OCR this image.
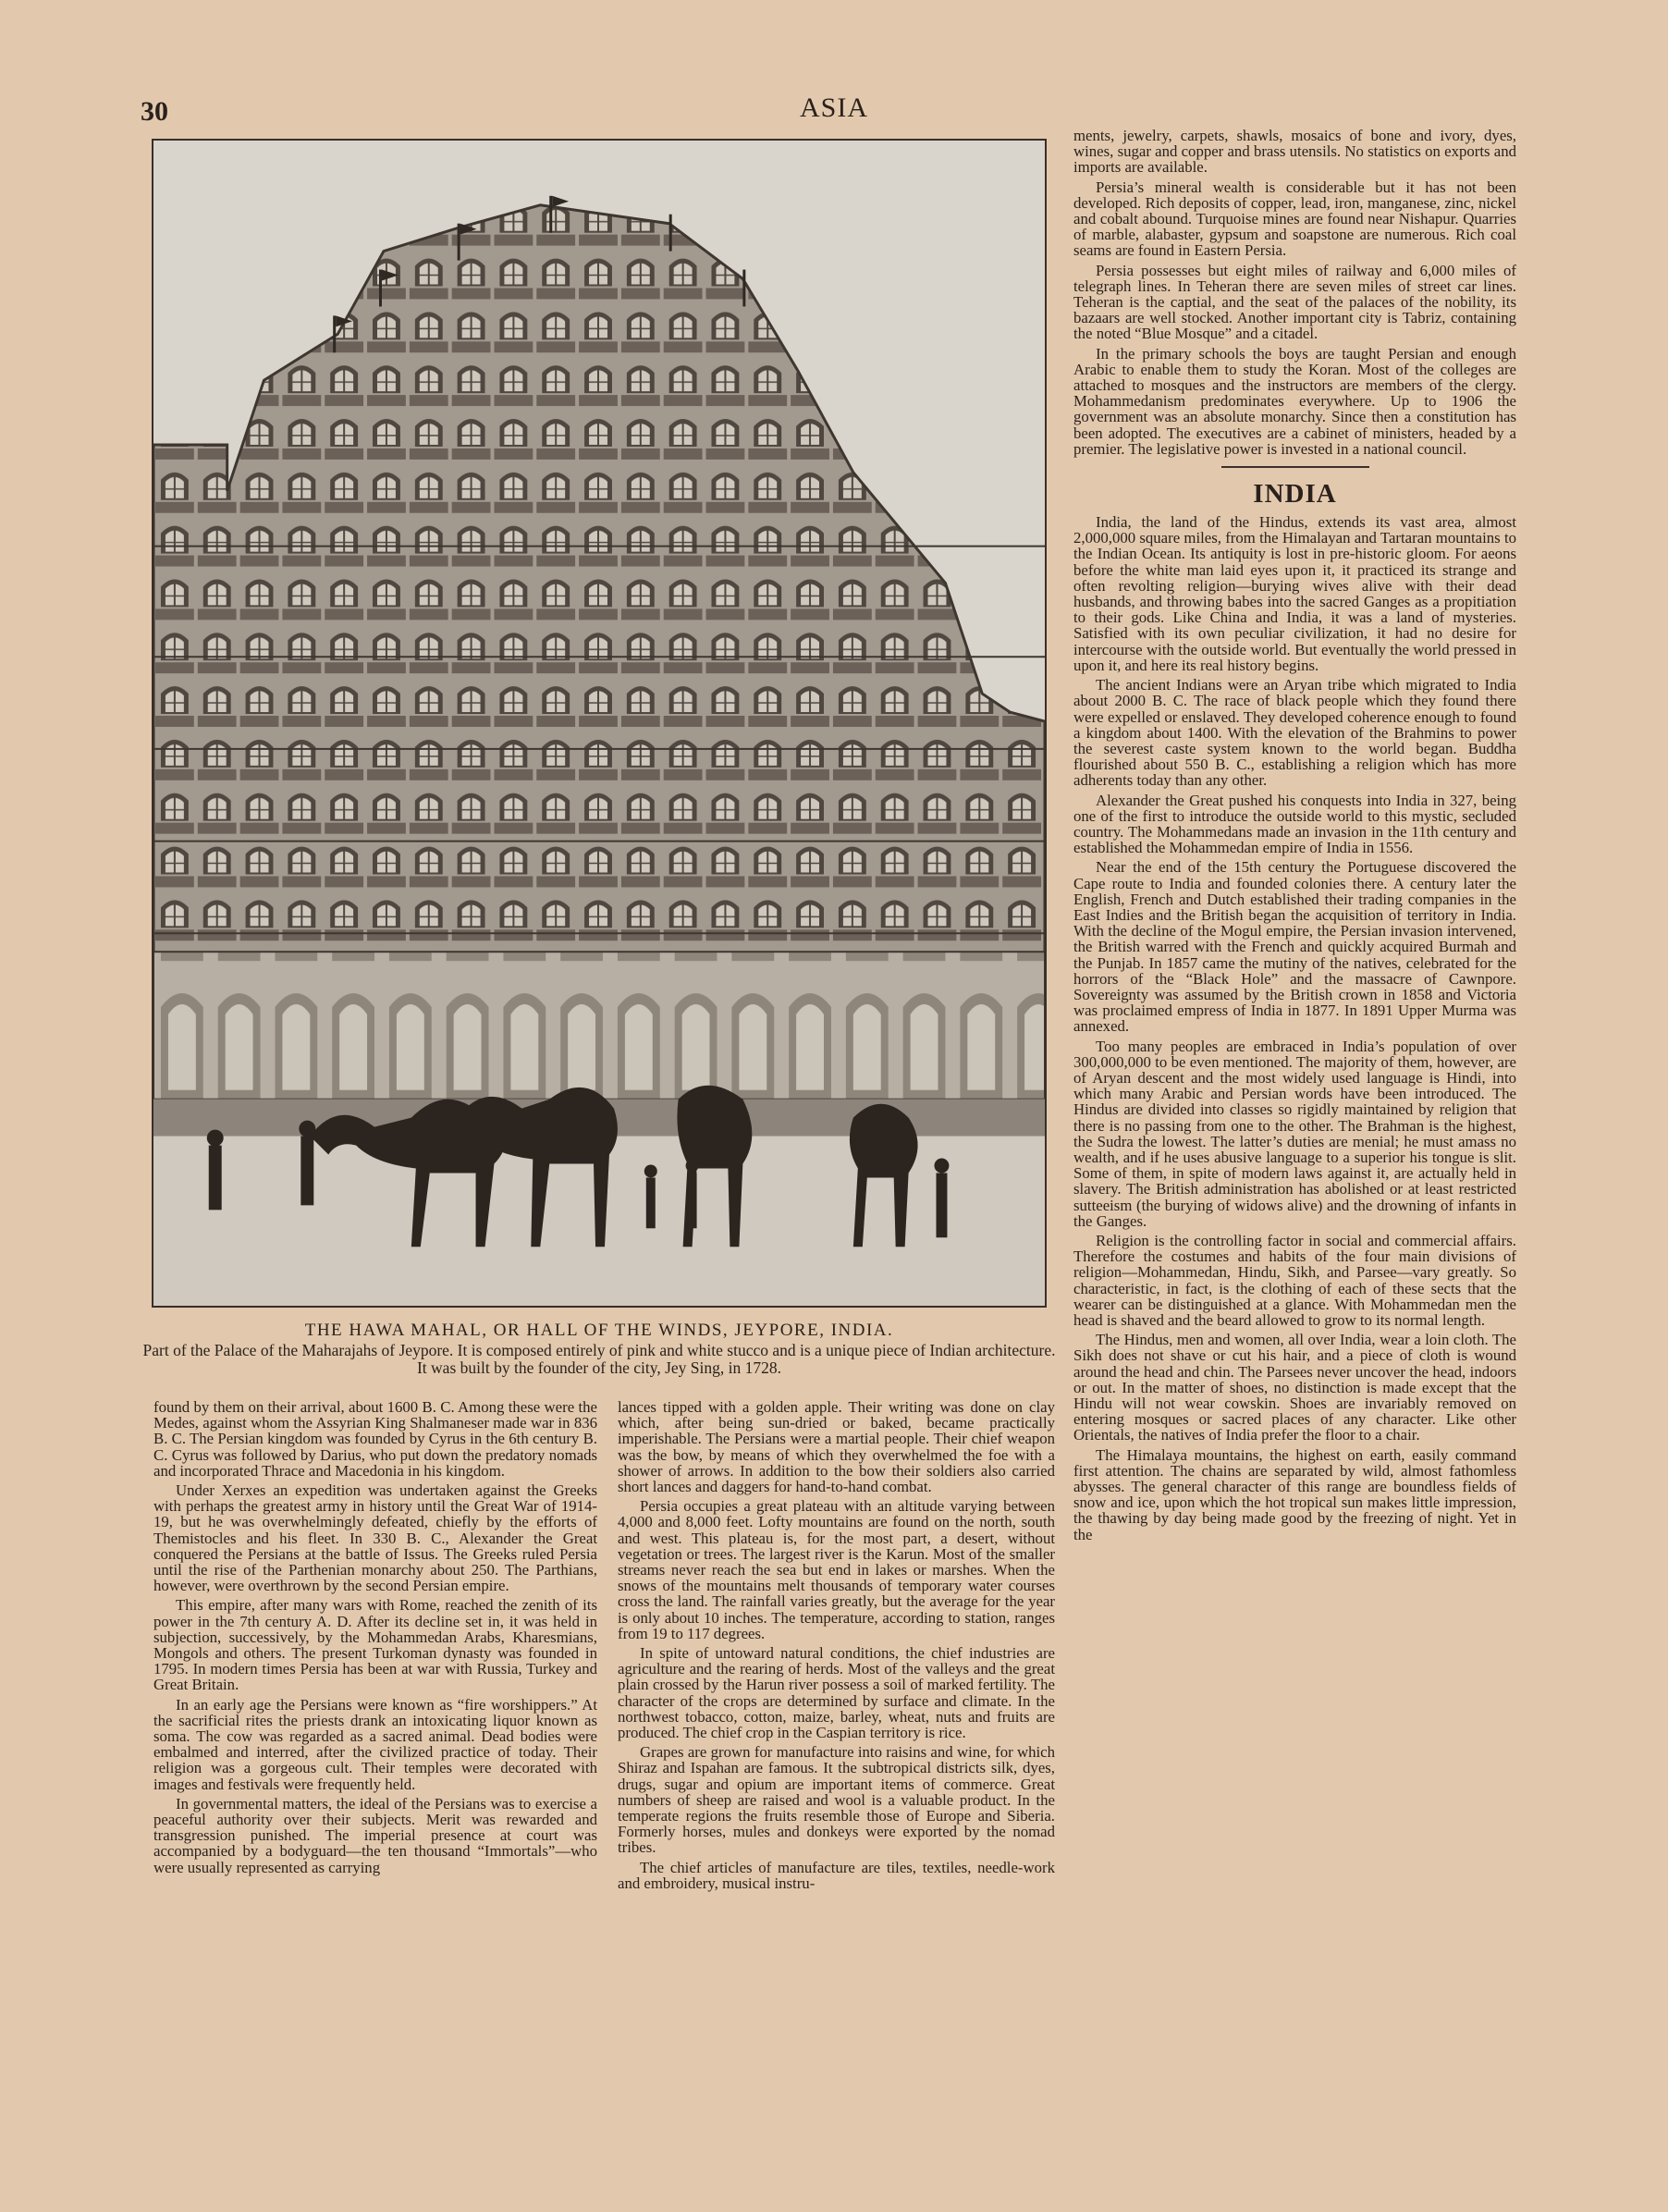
30	ASIA
THE HAWA MAHAL, OR HALL OF THE WINDS, JEYPORE, INDIA.
Part of the Palace of the Maharajahs of Jeypore. It is composed entirely of pink and white stucco and is a unique piece of Indian architecture. It was built by the founder of the city, Jey Sing, in 1728.

found by them on their arrival, about 1600 B. C. Among these were the Medes, against whom the Assyrian King Shalmaneser made war in 836 B. C. The Persian kingdom was founded by Cyrus in the 6th century B. C. Cyrus was followed by Darius, who put down the predatory nomads and incorporated Thrace and Macedonia in his kingdom.

Under Xerxes an expedition was undertaken against the Greeks with perhaps the greatest army in history until the Great War of 1914-19, but he was overwhelmingly defeated, chiefly by the efforts of Themistocles and his fleet. In 330 B. C., Alexander the Great conquered the Persians at the battle of Issus. The Greeks ruled Persia until the rise of the Parthenian monarchy about 250. The Parthians, however, were overthrown by the second Persian empire.

This empire, after many wars with Rome, reached the zenith of its power in the 7th century A. D. After its decline set in, it was held in subjection, successively, by the Mohammedan Arabs, Kharesmians, Mongols and others. The present Turkoman dynasty was founded in 1795. In modern times Persia has been at war with Russia, Turkey and Great Britain.

In an early age the Persians were known as “fire worshippers.” At the sacrificial rites the priests drank an intoxicating liquor known as soma. The cow was regarded as a sacred animal. Dead bodies were embalmed and interred, after the civilized practice of today. Their religion was a gorgeous cult. Their temples were decorated with images and festivals were frequently held.

In governmental matters, the ideal of the Persians was to exercise a peaceful authority over their subjects. Merit was rewarded and transgression punished. The imperial presence at court was accompanied by a bodyguard—the ten thousand “Immortals”—who were usually represented as carrying

lances tipped with a golden apple. Their writing was done on clay which, after being sun-dried or baked, became practically imperishable. The Persians were a martial people. Their chief weapon was the bow, by means of which they overwhelmed the foe with a shower of arrows. In addition to the bow their soldiers also carried short lances and daggers for hand-to-hand combat.

Persia occupies a great plateau with an altitude varying between 4,000 and 8,000 feet. Lofty mountains are found on the north, south and west. This plateau is, for the most part, a desert, without vegetation or trees. The largest river is the Karun. Most of the smaller streams never reach the sea but end in lakes or marshes. When the snows of the mountains melt thousands of temporary water courses cross the land. The rainfall varies greatly, but the average for the year is only about 10 inches. The temperature, according to station, ranges from 19 to 117 degrees.

In spite of untoward natural conditions, the chief industries are agriculture and the rearing of herds. Most of the valleys and the great plain crossed by the Harun river possess a soil of marked fertility. The character of the crops are determined by surface and climate. In the northwest tobacco, cotton, maize, barley, wheat, nuts and fruits are produced. The chief crop in the Caspian territory is rice.

Grapes are grown for manufacture into raisins and wine, for which Shiraz and Ispahan are famous. It the subtropical districts silk, dyes, drugs, sugar and opium are important items of commerce. Great numbers of sheep are raised and wool is a valuable product. In the temperate regions the fruits resemble those of Europe and Siberia. Formerly horses, mules and donkeys were exported by the nomad tribes.

The chief articles of manufacture are tiles, textiles, needle-work and embroidery, musical instru-

ments, jewelry, carpets, shawls, mosaics of bone and ivory, dyes, wines, sugar and copper and brass utensils. No statistics on exports and imports are available.

Persia’s mineral wealth is considerable but it has not been developed. Rich deposits of copper, lead, iron, manganese, zinc, nickel and cobalt abound. Turquoise mines are found near Nishapur. Quarries of marble, alabaster, gypsum and soapstone are numerous. Rich coal seams are found in Eastern Persia.

Persia possesses but eight miles of railway and 6,000 miles of telegraph lines. In Teheran there are seven miles of street car lines. Teheran is the captial, and the seat of the palaces of the nobility, its bazaars are well stocked. Another important city is Tabriz, containing the noted “Blue Mosque” and a citadel.

In the primary schools the boys are taught Persian and enough Arabic to enable them to study the Koran. Most of the colleges are attached to mosques and the instructors are members of the clergy. Mohammedanism predominates everywhere. Up to 1906 the government was an absolute monarchy. Since then a constitution has been adopted. The executives are a cabinet of ministers, headed by a premier. The legislative power is invested in a national council.

INDIA

India, the land of the Hindus, extends its vast area, almost 2,000,000 square miles, from the Himalayan and Tartaran mountains to the Indian Ocean. Its antiquity is lost in pre-historic gloom. For aeons before the white man laid eyes upon it, it practiced its strange and often revolting religion—burying wives alive with their dead husbands, and throwing babes into the sacred Ganges as a propitiation to their gods. Like China and India, it was a land of mysteries. Satisfied with its own peculiar civilization, it had no desire for intercourse with the outside world. But eventually the world pressed in upon it, and here its real history begins.

The ancient Indians were an Aryan tribe which migrated to India about 2000 B. C. The race of black people which they found there were expelled or enslaved. They developed coherence enough to found a kingdom about 1400. With the elevation of the Brahmins to power the severest caste system known to the world began. Buddha flourished about 550 B. C., establishing a religion which has more adherents today than any other.

Alexander the Great pushed his conquests into India in 327, being one of the first to introduce the outside world to this mystic, secluded country. The Mohammedans made an invasion in the 11th century and established the Mohammedan empire of India in 1556.

Near the end of the 15th century the Portuguese discovered the Cape route to India and founded colonies there. A century later the English, French and Dutch established their trading companies in the East Indies and the British began the acquisition of territory in India. With the decline of the Mogul empire, the Persian invasion intervened, the British warred with the French and quickly acquired Burmah and the Punjab. In 1857 came the mutiny of the natives, celebrated for the horrors of the “Black Hole” and the massacre of Cawnpore. Sovereignty was assumed by the British crown in 1858 and Victoria was proclaimed empress of India in 1877. In 1891 Upper Murma was annexed.

Too many peoples are embraced in India’s population of over 300,000,000 to be even mentioned. The majority of them, however, are of Aryan descent and the most widely used language is Hindi, into which many Arabic and Persian words have been introduced. The Hindus are divided into classes so rigidly maintained by religion that there is no passing from one to the other. The Brahman is the highest, the Sudra the lowest. The latter’s duties are menial; he must amass no wealth, and if he uses abusive language to a superior his tongue is slit. Some of them, in spite of modern laws against it, are actually held in slavery. The British administration has abolished or at least restricted sutteeism (the burying of widows alive) and the drowning of infants in the Ganges.

Religion is the controlling factor in social and commercial affairs. Therefore the costumes and habits of the four main divisions of religion—Mohammedan, Hindu, Sikh, and Parsee—vary greatly. So characteristic, in fact, is the clothing of each of these sects that the wearer can be distinguished at a glance. With Mohammedan men the head is shaved and the beard allowed to grow to its normal length.

The Hindus, men and women, all over India, wear a loin cloth. The Sikh does not shave or cut his hair, and a piece of cloth is wound around the head and chin. The Parsees never uncover the head, indoors or out. In the matter of shoes, no distinction is made except that the Hindu will not wear cowskin. Shoes are invariably removed on entering mosques or sacred places of any character. Like other Orientals, the natives of India prefer the floor to a chair.

The Himalaya mountains, the highest on earth, easily command first attention. The chains are separated by wild, almost fathomless abysses. The general character of this range are boundless fields of snow and ice, upon which the hot tropical sun makes little impression, the thawing by day being made good by the freezing of night. Yet in the
